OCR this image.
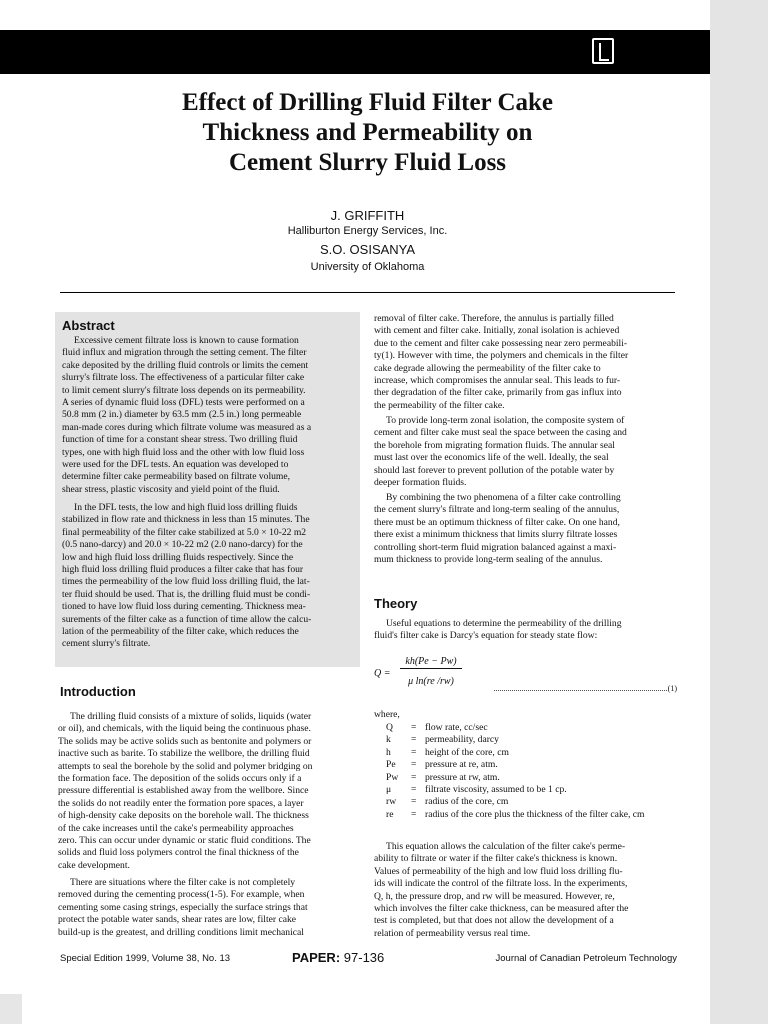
JCPT
Effect of Drilling Fluid Filter Cake
Thickness and Permeability on
Cement Slurry Fluid Loss
J. GRIFFITH
Halliburton Energy Services, Inc.
S.O. OSISANYA
University of Oklahoma
Abstract
Excessive cement filtrate loss is known to cause formation
fluid influx and migration through the setting cement. The filter
cake deposited by the drilling fluid controls or limits the cement
slurry's filtrate loss. The effectiveness of a particular filter cake
to limit cement slurry's filtrate loss depends on its permeability.
A series of dynamic fluid loss (DFL) tests were performed on a
50.8 mm (2 in.) diameter by 63.5 mm (2.5 in.) long permeable
man-made cores during which filtrate volume was measured as a
function of time for a constant shear stress. Two drilling fluid
types, one with high fluid loss and the other with low fluid loss
were used for the DFL tests. An equation was developed to
determine filter cake permeability based on filtrate volume,
shear stress, plastic viscosity and yield point of the fluid.
In the DFL tests, the low and high fluid loss drilling fluids
stabilized in flow rate and thickness in less than 15 minutes. The
final permeability of the filter cake stabilized at 5.0 × 10-22 m2
(0.5 nano-darcy) and 20.0 × 10-22 m2 (2.0 nano-darcy) for the
low and high fluid loss drilling fluids respectively. Since the
high fluid loss drilling fluid produces a filter cake that has four
times the permeability of the low fluid loss drilling fluid, the lat-
ter fluid should be used. That is, the drilling fluid must be condi-
tioned to have low fluid loss during cementing. Thickness mea-
surements of the filter cake as a function of time allow the calcu-
lation of the permeability of the filter cake, which reduces the
cement slurry's filtrate.
Introduction
The drilling fluid consists of a mixture of solids, liquids (water
or oil), and chemicals, with the liquid being the continuous phase.
The solids may be active solids such as bentonite and polymers or
inactive such as barite. To stabilize the wellbore, the drilling fluid
attempts to seal the borehole by the solid and polymer bridging on
the formation face. The deposition of the solids occurs only if a
pressure differential is established away from the wellbore. Since
the solids do not readily enter the formation pore spaces, a layer
of high-density cake deposits on the borehole wall. The thickness
of the cake increases until the cake's permeability approaches
zero. This can occur under dynamic or static fluid conditions. The
solids and fluid loss polymers control the final thickness of the
cake development.
There are situations where the filter cake is not completely
removed during the cementing process(1-5). For example, when
cementing some casing strings, especially the surface strings that
protect the potable water sands, shear rates are low, filter cake
build-up is the greatest, and drilling conditions limit mechanical
removal of filter cake. Therefore, the annulus is partially filled
with cement and filter cake. Initially, zonal isolation is achieved
due to the cement and filter cake possessing near zero permeabili-
ty(1). However with time, the polymers and chemicals in the filter
cake degrade allowing the permeability of the filter cake to
increase, which compromises the annular seal. This leads to fur-
ther degradation of the filter cake, primarily from gas influx into
the permeability of the filter cake.
To provide long-term zonal isolation, the composite system of
cement and filter cake must seal the space between the casing and
the borehole from migrating formation fluids. The annular seal
must last over the economics life of the well. Ideally, the seal
should last forever to prevent pollution of the potable water by
deeper formation fluids.
By combining the two phenomena of a filter cake controlling
the cement slurry's filtrate and long-term sealing of the annulus,
there must be an optimum thickness of filter cake. On one hand,
there exist a minimum thickness that limits slurry filtrate losses
controlling short-term fluid migration balanced against a maxi-
mum thickness to provide long-term sealing of the annulus.
Theory
Useful equations to determine the permeability of the drilling
fluid's filter cake is Darcy's equation for steady state flow:
Q =
kh(Pe − Pw)
μ ln(re /rw)
.......................................................................................(1)
where,
Q	= flow rate, cc/sec
k	= permeability, darcy
h	= height of the core, cm
Pe	= pressure at re, atm.
Pw	= pressure at rw, atm.
μ	= filtrate viscosity, assumed to be 1 cp.
rw	= radius of the core, cm
re	= radius of the core plus the thickness of the filter cake, cm
This equation allows the calculation of the filter cake's perme-
ability to filtrate or water if the filter cake's thickness is known.
Values of permeability of the high and low fluid loss drilling flu-
ids will indicate the control of the filtrate loss. In the experiments,
Q, h, the pressure drop, and rw will be measured. However, re,
which involves the filter cake thickness, can be measured after the
test is completed, but that does not allow the development of a
relation of permeability versus real time.
Special Edition 1999, Volume 38, No. 13	PAPER: 97-136	Journal of Canadian Petroleum Technology
